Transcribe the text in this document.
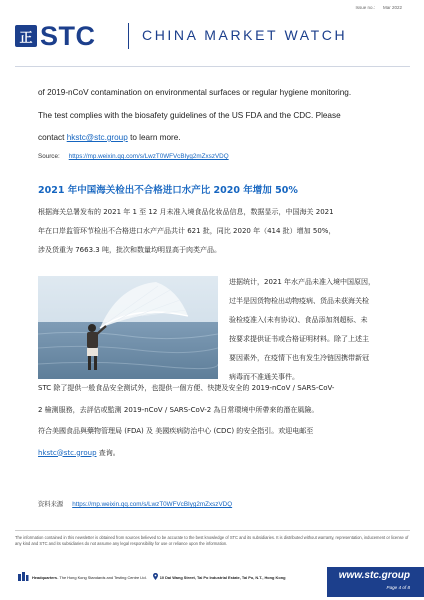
Issue no.: Mar 2022
正 STC	CHINA MARKET WATCH
of 2019-nCoV contamination on environmental surfaces or regular hygiene monitoring.
The test complies with the biosafety guidelines of the US FDA and the CDC. Please
contact hkstc@stc.group to learn more.
Source: https://mp.weixin.qq.com/s/LwzT0WFVcBIyg2mZxszVDQ
2021 年中国海关检出不合格进口水产比 2020 年增加 50%
根据海关总署发布的 2021 年 1 至 12 月未准入境食品化妆品信息，数据显示，中国海关 2021
年在口岸监管环节检出不合格进口水产产品共计 621 批，同比 2020 年（414 批）增加 50%，
涉及货重为 7663.3 吨，批次和数量均明显高于肉类产品。
进据统计，2021 年水产品未准入境中国原因，
过半是因货物检出动物疫病、货品未获海关检
验检疫准入(未有协议)、食品添加剂超标、未
按要求提供证书或合格证明材料。除了上述主
要因素外，在疫情下也有发生冷链因携带新冠
病毒而不准通关事件。
STC 除了提供一般食品安全测试外，也提供一個方便、快捷及安全的 2019-nCoV / SARS-CoV-
2 檢測服務，去評估或監測 2019-nCoV / SARS-CoV-2 為日常環境中所帶來的潛在風險。
符合美國食品與藥物管理局 (FDA) 及 美國疾病防治中心 (CDC) 的安全指引。欢迎电邮至
hkstc@stc.group 查询。
资料来源 https://mp.weixin.qq.com/s/LwzT0WFVcBIyg2mZxszVDQ
The information contained in this newsletter is obtained from sources believed to be accurate to the best knowledge of STC and its subsidiaries. It is distributed without warranty, representation, inducement or license of any kind and STC and its subsidiaries do not assume any legal responsibility for use or reliance upon the information.
Headquarters - The Hong Kong Standards and Testing Centre Ltd.	10 Dai Wang Street, Tai Po Industrial Estate, Tai Po, N.T., Hong Kong	www.stc.group
Page 4 of 8
